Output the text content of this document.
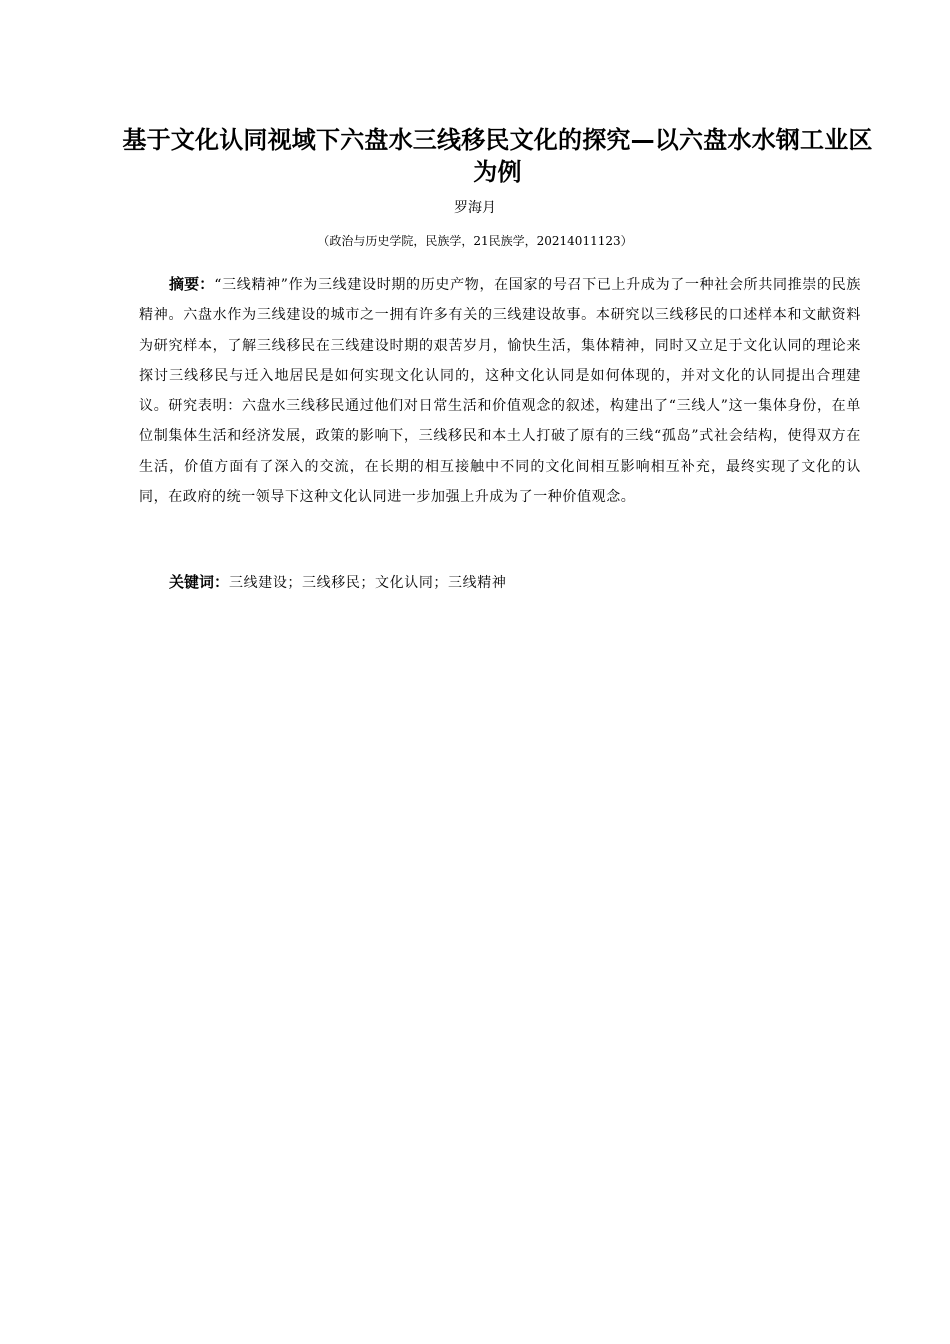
基于文化认同视域下六盘水三线移民文化的探究—以六盘水水钢工业区为例
罗海月
（政治与历史学院，民族学，21民族学，20214011123）

摘要：“三线精神”作为三线建设时期的历史产物，在国家的号召下已上升成为了一种社会所共同推崇的民族精神。六盘水作为三线建设的城市之一拥有许多有关的三线建设故事。本研究以三线移民的口述样本和文献资料为研究样本，了解三线移民在三线建设时期的艰苦岁月，愉快生活，集体精神，同时又立足于文化认同的理论来探讨三线移民与迁入地居民是如何实现文化认同的，这种文化认同是如何体现的，并对文化的认同提出合理建议。研究表明：六盘水三线移民通过他们对日常生活和价值观念的叙述，构建出了“三线人”这一集体身份，在单位制集体生活和经济发展，政策的影响下，三线移民和本土人打破了原有的三线“孤岛”式社会结构，使得双方在生活，价值方面有了深入的交流，在长期的相互接触中不同的文化间相互影响相互补充，最终实现了文化的认同，在政府的统一领导下这种文化认同进一步加强上升成为了一种价值观念。

关键词：三线建设；三线移民；文化认同；三线精神
